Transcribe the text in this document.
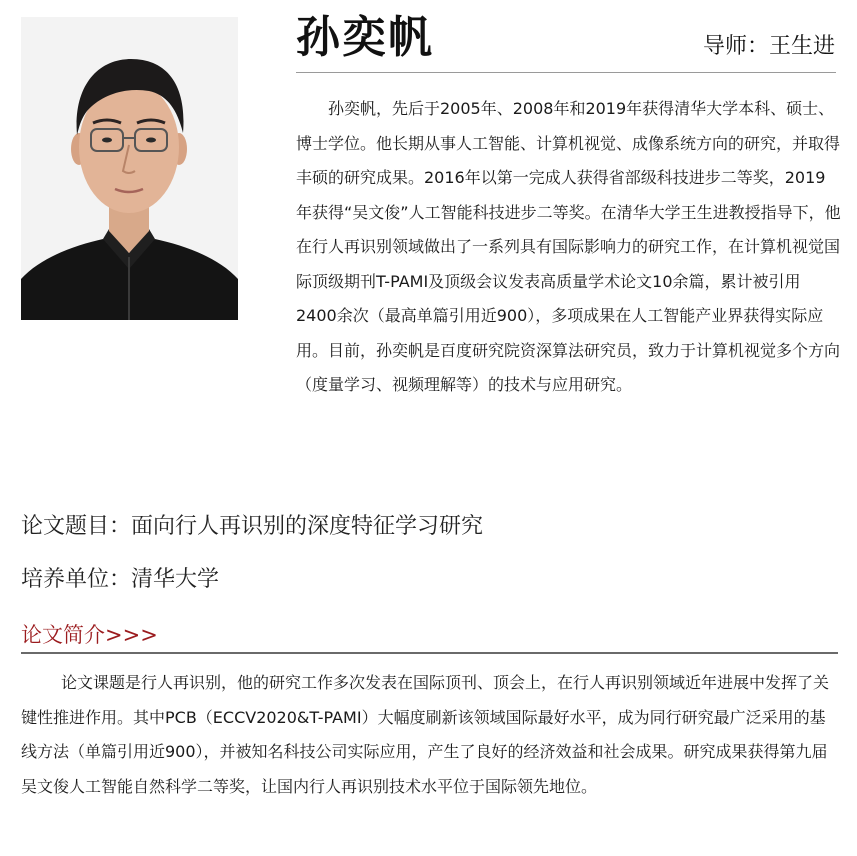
孙奕帆	导师：王生进

孙奕帆，先后于2005年、2008年和2019年获得清华大学本科、硕士、博士学位。他长期从事人工智能、计算机视觉、成像系统方向的研究，并取得丰硕的研究成果。2016年以第一完成人获得省部级科技进步二等奖，2019年获得“吴文俊”人工智能科技进步二等奖。在清华大学王生进教授指导下，他在行人再识别领域做出了一系列具有国际影响力的研究工作，在计算机视觉国际顶级期刊T-PAMI及顶级会议发表高质量学术论文10余篇，累计被引用2400余次（最高单篇引用近900），多项成果在人工智能产业界获得实际应用。目前，孙奕帆是百度研究院资深算法研究员，致力于计算机视觉多个方向（度量学习、视频理解等）的技术与应用研究。

论文题目：面向行人再识别的深度特征学习研究
培养单位：清华大学
论文简介>>>

论文课题是行人再识别，他的研究工作多次发表在国际顶刊、顶会上，在行人再识别领域近年进展中发挥了关键性推进作用。其中PCB（ECCV2020&T-PAMI）大幅度刷新该领域国际最好水平，成为同行研究最广泛采用的基线方法（单篇引用近900），并被知名科技公司实际应用，产生了良好的经济效益和社会成果。研究成果获得第九届吴文俊人工智能自然科学二等奖，让国内行人再识别技术水平位于国际领先地位。
